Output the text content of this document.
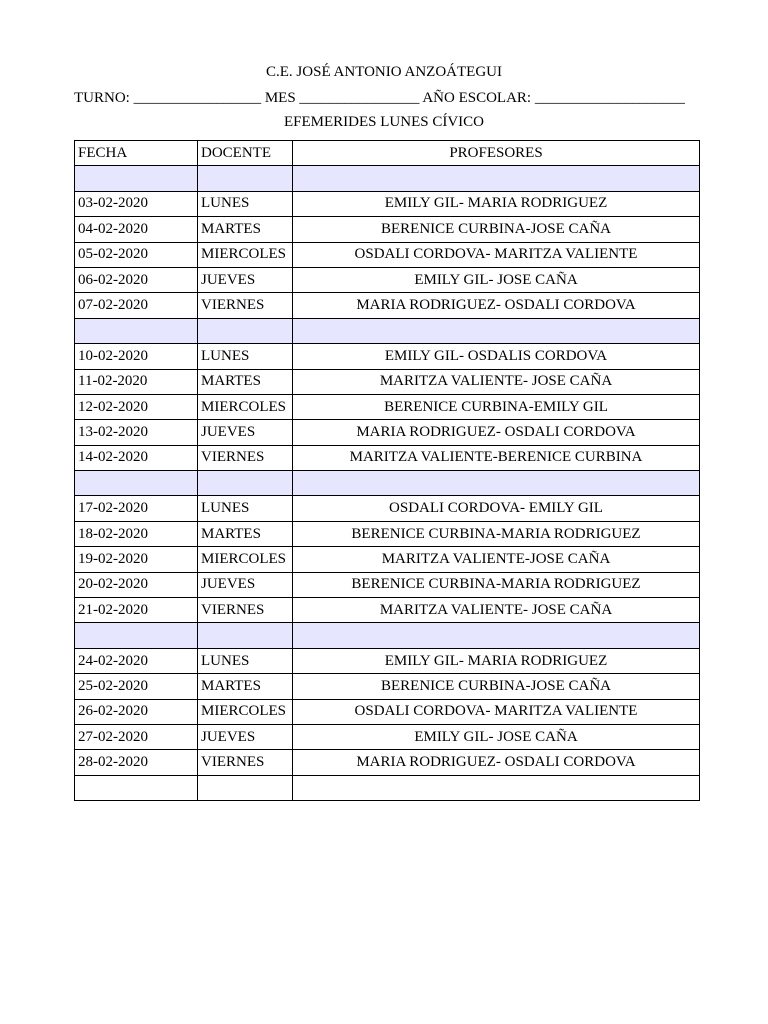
C.E. JOSÉ ANTONIO ANZOÁTEGUI
TURNO: _________________ MES ________________ AÑO ESCOLAR: ____________________
EFEMERIDES LUNES CÍVICO
FECHA	DOCENTE	PROFESORES

03-02-2020	LUNES	EMILY GIL- MARIA RODRIGUEZ
04-02-2020	MARTES	BERENICE CURBINA-JOSE CAÑA
05-02-2020	MIERCOLES	OSDALI CORDOVA- MARITZA VALIENTE
06-02-2020	JUEVES	EMILY GIL- JOSE CAÑA
07-02-2020	VIERNES	MARIA RODRIGUEZ- OSDALI CORDOVA

10-02-2020	LUNES	EMILY GIL- OSDALIS CORDOVA
11-02-2020	MARTES	MARITZA VALIENTE- JOSE CAÑA
12-02-2020	MIERCOLES	BERENICE CURBINA-EMILY GIL
13-02-2020	JUEVES	MARIA RODRIGUEZ- OSDALI CORDOVA
14-02-2020	VIERNES	MARITZA VALIENTE-BERENICE CURBINA

17-02-2020	LUNES	OSDALI CORDOVA- EMILY GIL
18-02-2020	MARTES	BERENICE CURBINA-MARIA RODRIGUEZ
19-02-2020	MIERCOLES	MARITZA VALIENTE-JOSE CAÑA
20-02-2020	JUEVES	BERENICE CURBINA-MARIA RODRIGUEZ
21-02-2020	VIERNES	MARITZA VALIENTE- JOSE CAÑA

24-02-2020	LUNES	EMILY GIL- MARIA RODRIGUEZ
25-02-2020	MARTES	BERENICE CURBINA-JOSE CAÑA
26-02-2020	MIERCOLES	OSDALI CORDOVA- MARITZA VALIENTE
27-02-2020	JUEVES	EMILY GIL- JOSE CAÑA
28-02-2020	VIERNES	MARIA RODRIGUEZ- OSDALI CORDOVA
